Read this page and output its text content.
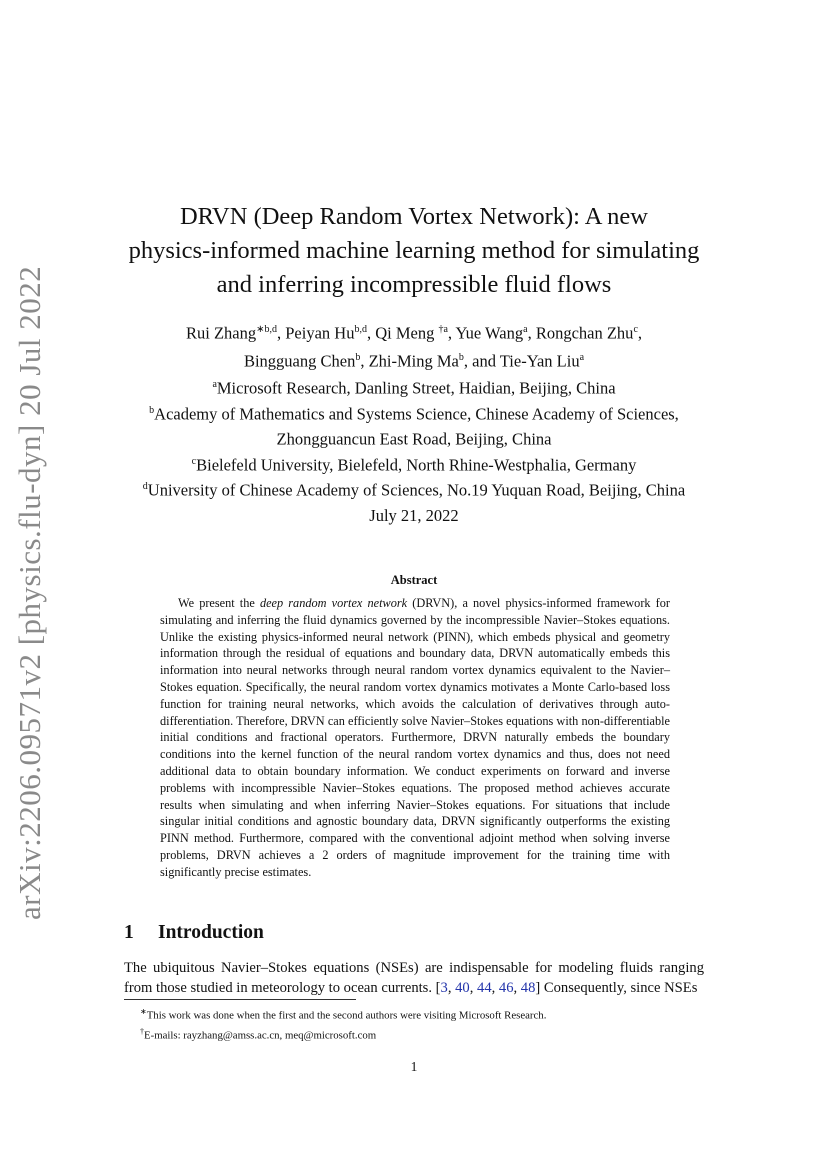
arXiv:2206.09571v2 [physics.flu-dyn] 20 Jul 2022
DRVN (Deep Random Vortex Network): A new
physics-informed machine learning method for simulating
and inferring incompressible fluid flows
Rui Zhang$^{∗b,d}$, Peiyan Hu$^{b,d}$, Qi Meng $^{\dagger a}$, Yue Wang$^a$, Rongchan Zhu$^c$,
Bingguang Chen$^b$, Zhi-Ming Ma$^b$, and Tie-Yan Liu$^a$
$^a$Microsoft Research, Danling Street, Haidian, Beijing, China
$^b$Academy of Mathematics and Systems Science, Chinese Academy of Sciences,
Zhongguancun East Road, Beijing, China
$^c$Bielefeld University, Bielefeld, North Rhine-Westphalia, Germany
$^d$University of Chinese Academy of Sciences, No.19 Yuquan Road, Beijing, China
July 21, 2022
Abstract
We present the deep random vortex network (DRVN), a novel physics-informed framework for simulating and inferring the fluid dynamics governed by the incompressible Navier–Stokes equations. Unlike the existing physics-informed neural network (PINN), which embeds physical and geometry information through the residual of equations and boundary data, DRVN automatically embeds this information into neural networks through neural random vortex dynamics equivalent to the Navier–Stokes equation. Specifically, the neural random vortex dynamics motivates a Monte Carlo-based loss function for training neural networks, which avoids the calculation of derivatives through auto-differentiation. Therefore, DRVN can efficiently solve Navier–Stokes equations with non-differentiable initial conditions and fractional operators. Furthermore, DRVN naturally embeds the boundary conditions into the kernel function of the neural random vortex dynamics and thus, does not need additional data to obtain boundary information. We conduct experiments on forward and inverse problems with incompressible Navier–Stokes equations. The proposed method achieves accurate results when simulating and when inferring Navier–Stokes equations. For situations that include singular initial conditions and agnostic boundary data, DRVN significantly outperforms the existing PINN method. Furthermore, compared with the conventional adjoint method when solving inverse problems, DRVN achieves a 2 orders of magnitude improvement for the training time with significantly precise estimates.
1 Introduction
The ubiquitous Navier–Stokes equations (NSEs) are indispensable for modeling fluids ranging from those studied in meteorology to ocean currents. [3, 40, 44, 46, 48] Consequently, since NSEs
∗This work was done when the first and the second authors were visiting Microsoft Research.
†E-mails: rayzhang@amss.ac.cn, meq@microsoft.com
1
